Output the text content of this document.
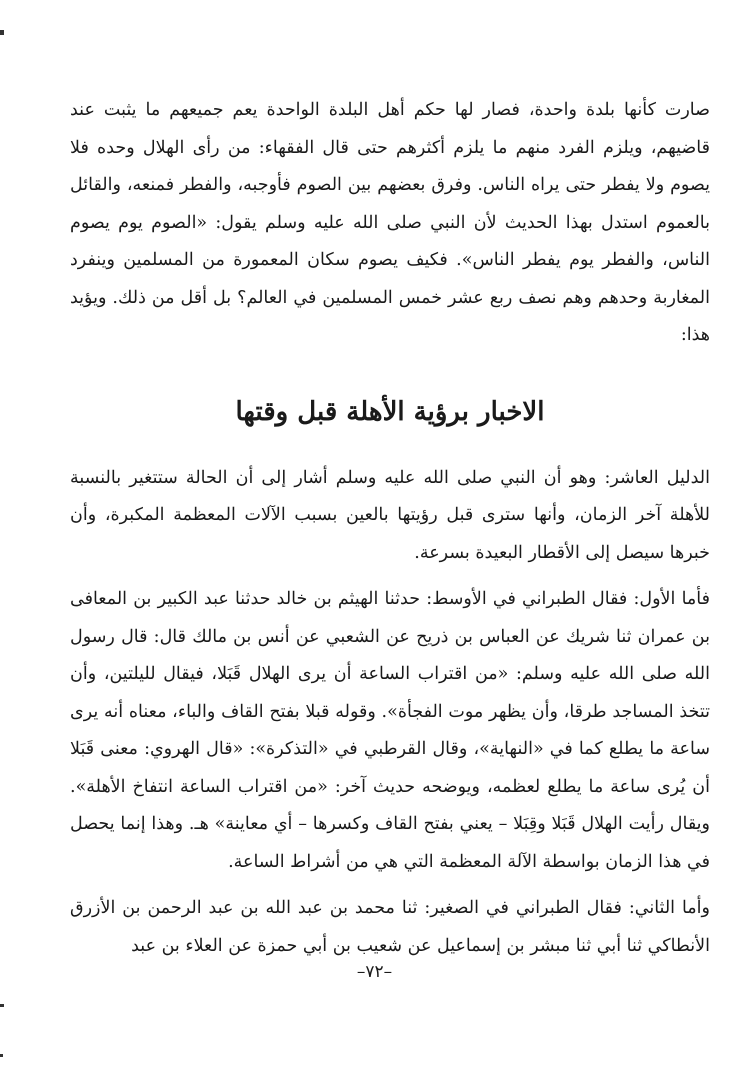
صارت كأنها بلدة واحدة، فصار لها حكم أهل البلدة الواحدة يعم جميعهم ما يثبت عند قاضيهم، ويلزم الفرد منهم ما يلزم أكثرهم حتى قال الفقهاء: من رأى الهلال وحده فلا يصوم ولا يفطر حتى يراه الناس. وفرق بعضهم بين الصوم فأوجبه، والفطر فمنعه، والقائل بالعموم استدل بهذا الحديث لأن النبي صلى الله عليه وسلم يقول: «الصوم يوم يصوم الناس، والفطر يوم يفطر الناس». فكيف يصوم سكان المعمورة من المسلمين وينفرد المغاربة وحدهم وهم نصف ربع عشر خمس المسلمين في العالم؟ بل أقل من ذلك. ويؤيد هذا:

الاخبار برؤية الأهلة قبل وقتها

الدليل العاشر: وهو أن النبي صلى الله عليه وسلم أشار إلى أن الحالة ستتغير بالنسبة للأهلة آخر الزمان، وأنها سترى قبل رؤيتها بالعين بسبب الآلات المعظمة المكبرة، وأن خبرها سيصل إلى الأقطار البعيدة بسرعة.

فأما الأول: فقال الطبراني في الأوسط: حدثنا الهيثم بن خالد حدثنا عبد الكبير بن المعافى بن عمران ثنا شريك عن العباس بن ذريح عن الشعبي عن أنس بن مالك قال: قال رسول الله صلى الله عليه وسلم: «من اقتراب الساعة أن يرى الهلال قَبَلا، فيقال لليلتين، وأن تتخذ المساجد طرقا، وأن يظهر موت الفجأة». وقوله قبلا بفتح القاف والباء، معناه أنه يرى ساعة ما يطلع كما في «النهاية»، وقال القرطبي في «التذكرة»: «قال الهروي: معنى قَبَلا أن يُرى ساعة ما يطلع لعظمه، ويوضحه حديث آخر: «من اقتراب الساعة انتفاخ الأهلة». ويقال رأيت الهلال قَبَلا وقِبَلا – يعني بفتح القاف وكسرها – أي معاينة» هـ. وهذا إنما يحصل في هذا الزمان بواسطة الآلة المعظمة التي هي من أشراط الساعة.

وأما الثاني: فقال الطبراني في الصغير: ثنا محمد بن عبد الله بن عبد الرحمن بن الأزرق الأنطاكي ثنا أبي ثنا مبشر بن إسماعيل عن شعيب بن أبي حمزة عن العلاء بن عبد

–٧٢–
